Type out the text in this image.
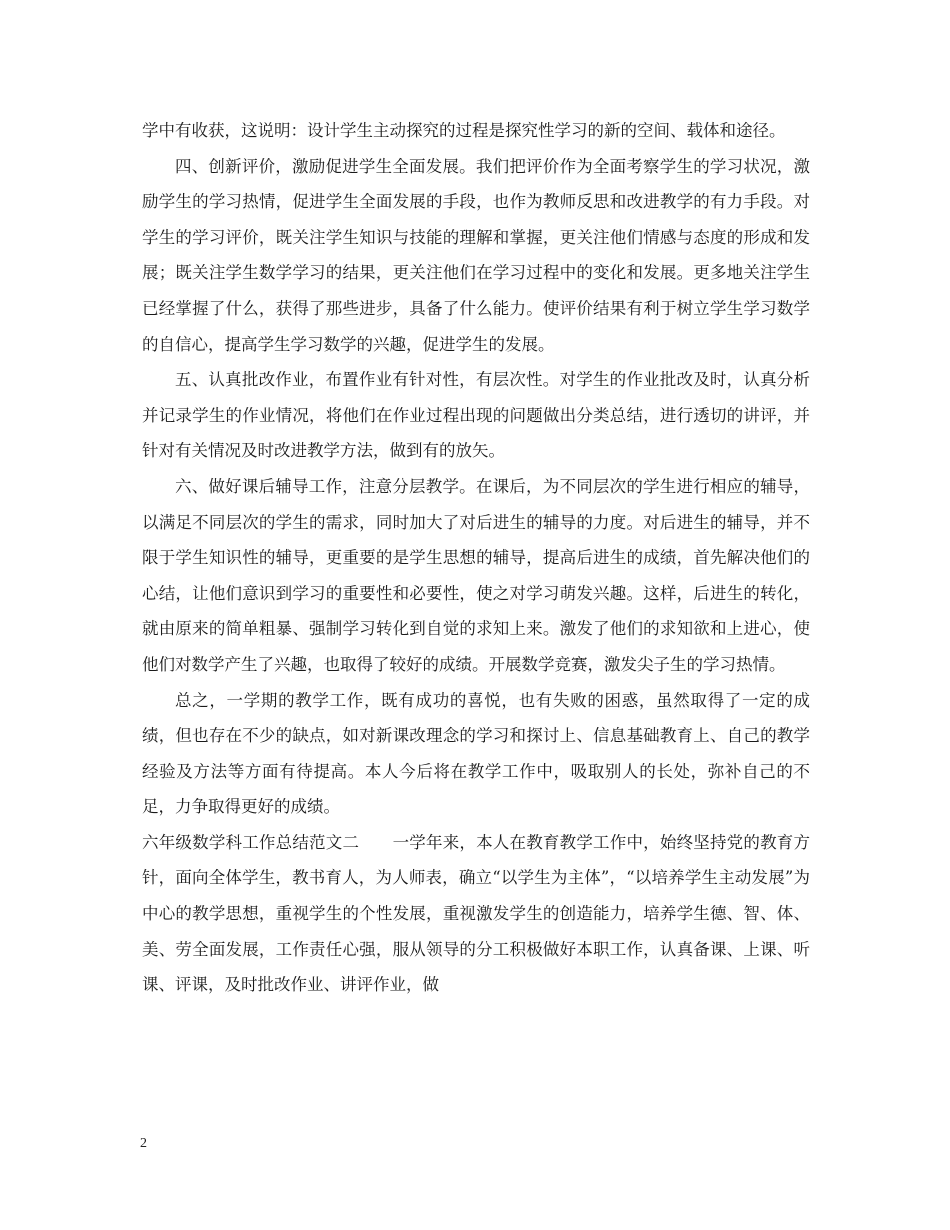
学中有收获，这说明：设计学生主动探究的过程是探究性学习的新的空间、载体和途径。

四、创新评价，激励促进学生全面发展。我们把评价作为全面考察学生的学习状况，激励学生的学习热情，促进学生全面发展的手段，也作为教师反思和改进教学的有力手段。对学生的学习评价，既关注学生知识与技能的理解和掌握，更关注他们情感与态度的形成和发展；既关注学生数学学习的结果，更关注他们在学习过程中的变化和发展。更多地关注学生已经掌握了什么，获得了那些进步，具备了什么能力。使评价结果有利于树立学生学习数学的自信心，提高学生学习数学的兴趣，促进学生的发展。

五、认真批改作业，布置作业有针对性，有层次性。对学生的作业批改及时，认真分析并记录学生的作业情况，将他们在作业过程出现的问题做出分类总结，进行透切的讲评，并针对有关情况及时改进教学方法，做到有的放矢。

六、做好课后辅导工作，注意分层教学。在课后，为不同层次的学生进行相应的辅导，以满足不同层次的学生的需求，同时加大了对后进生的辅导的力度。对后进生的辅导，并不限于学生知识性的辅导，更重要的是学生思想的辅导，提高后进生的成绩，首先解决他们的心结，让他们意识到学习的重要性和必要性，使之对学习萌发兴趣。这样，后进生的转化，就由原来的简单粗暴、强制学习转化到自觉的求知上来。激发了他们的求知欲和上进心，使他们对数学产生了兴趣，也取得了较好的成绩。开展数学竞赛，激发尖子生的学习热情。

总之，一学期的教学工作，既有成功的喜悦，也有失败的困惑，虽然取得了一定的成绩，但也存在不少的缺点，如对新课改理念的学习和探讨上、信息基础教育上、自己的教学经验及方法等方面有待提高。本人今后将在教学工作中，吸取别人的长处，弥补自己的不足，力争取得更好的成绩。

六年级数学科工作总结范文二　　一学年来，本人在教育教学工作中，始终坚持党的教育方针，面向全体学生，教书育人，为人师表，确立“以学生为主体”，“以培养学生主动发展”为中心的教学思想，重视学生的个性发展，重视激发学生的创造能力，培养学生德、智、体、美、劳全面发展，工作责任心强，服从领导的分工积极做好本职工作，认真备课、上课、听课、评课，及时批改作业、讲评作业，做

2
